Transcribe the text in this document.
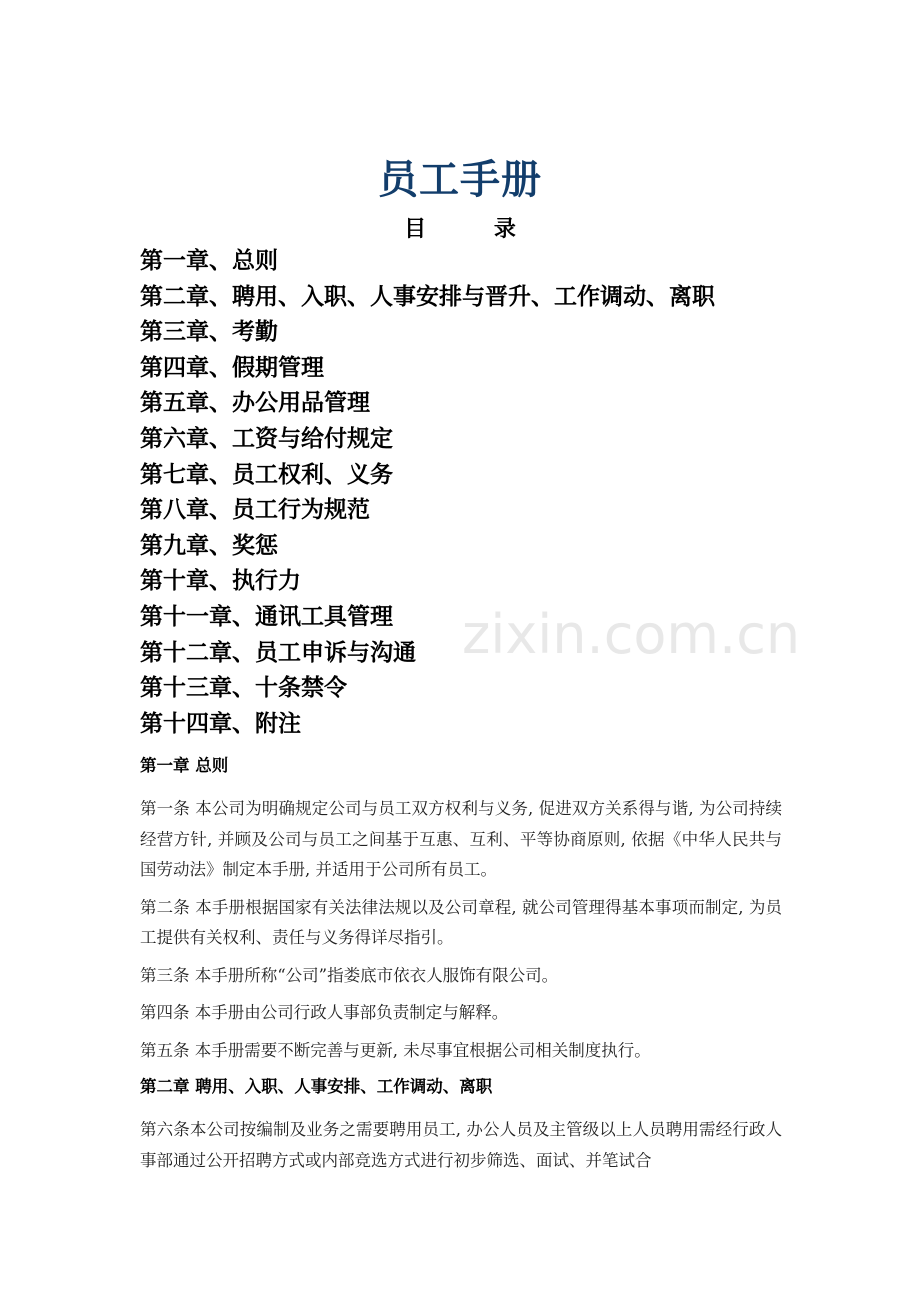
员工手册
目 录
第一章、总则
第二章、聘用、入职、人事安排与晋升、工作调动、离职
第三章、考勤
第四章、假期管理
第五章、办公用品管理
第六章、工资与给付规定
第七章、员工权利、义务
第八章、员工行为规范
第九章、奖惩
第十章、执行力
第十一章、通讯工具管理
第十二章、员工申诉与沟通
第十三章、十条禁令
第十四章、附注
第一章 总则
第一条 本公司为明确规定公司与员工双方权利与义务, 促进双方关系得与谐, 为公司持续经营方针, 并顾及公司与员工之间基于互惠、互利、平等协商原则, 依据《中华人民共与国劳动法》制定本手册, 并适用于公司所有员工。
第二条 本手册根据国家有关法律法规以及公司章程, 就公司管理得基本事项而制定, 为员工提供有关权利、责任与义务得详尽指引。
第三条 本手册所称“公司”指娄底市依衣人服饰有限公司。
第四条 本手册由公司行政人事部负责制定与解释。
第五条 本手册需要不断完善与更新, 未尽事宜根据公司相关制度执行。
第二章 聘用、入职、人事安排、工作调动、离职
第六条本公司按编制及业务之需要聘用员工, 办公人员及主管级以上人员聘用需经行政人事部通过公开招聘方式或内部竞选方式进行初步筛选、面试、并笔试合
zixin.com.cn
